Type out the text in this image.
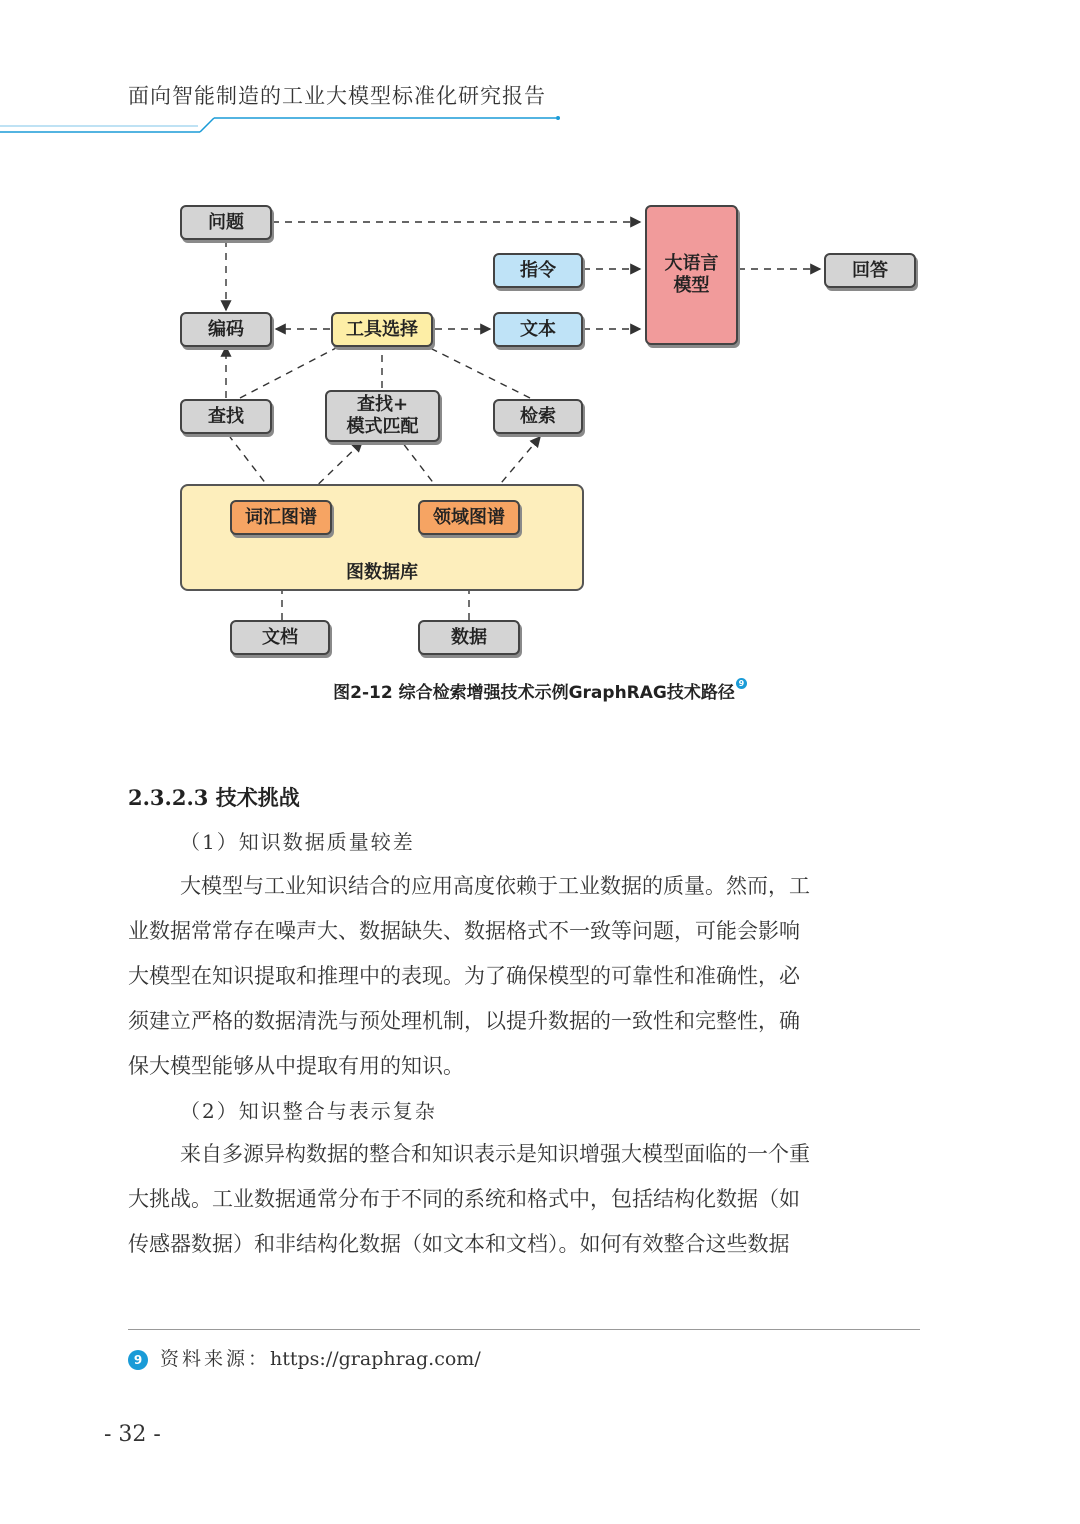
面向智能制造的工业大模型标准化研究报告
图数据库
问题
指令	大语言
模型
回答
编码	工具选择	文本
查找
查找+
模式匹配	检索
词汇图谱	领域图谱
文档	数据
图2-12 综合检索增强技术示例GraphRAG技术路径 9
2.3.2.3 技术挑战
（1）知识数据质量较差
大模型与工业知识结合的应用高度依赖于工业数据的质量。然而，工
业数据常常存在噪声大、数据缺失、数据格式不一致等问题，可能会影响
大模型在知识提取和推理中的表现。为了确保模型的可靠性和准确性，必
须建立严格的数据清洗与预处理机制，以提升数据的一致性和完整性，确
保大模型能够从中提取有用的知识。
（2）知识整合与表示复杂
来自多源异构数据的整合和知识表示是知识增强大模型面临的一个重
大挑战。工业数据通常分布于不同的系统和格式中，包括结构化数据（如
传感器数据）和非结构化数据（如文本和文档）。如何有效整合这些数据
9 资料来源：https://graphrag.com/
- 32 -
